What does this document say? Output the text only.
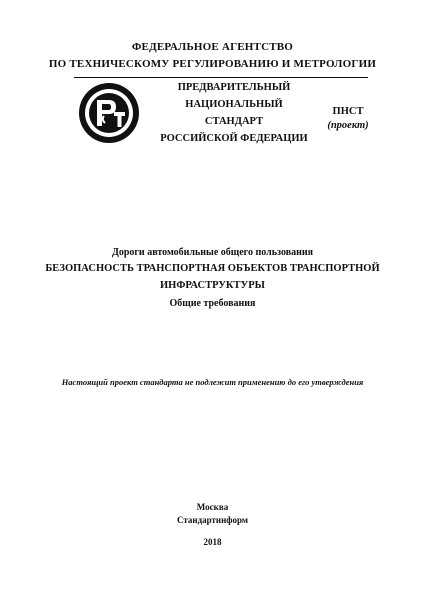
ФЕДЕРАЛЬНОЕ АГЕНТСТВО
ПО ТЕХНИЧЕСКОМУ РЕГУЛИРОВАНИЮ И МЕТРОЛОГИИ
ПРЕДВАРИТЕЛЬНЫЙ
НАЦИОНАЛЬНЫЙ
СТАНДАРТ
РОССИЙСКОЙ ФЕДЕРАЦИИ
ПНСТ
(проект)
Дороги автомобильные общего пользования
БЕЗОПАСНОСТЬ ТРАНСПОРТНАЯ ОБЪЕКТОВ ТРАНСПОРТНОЙ
ИНФРАСТРУКТУРЫ
Общие требования
Настоящий проект стандарта не подлежит применению до его утверждения
Москва
Стандартинформ
2018
